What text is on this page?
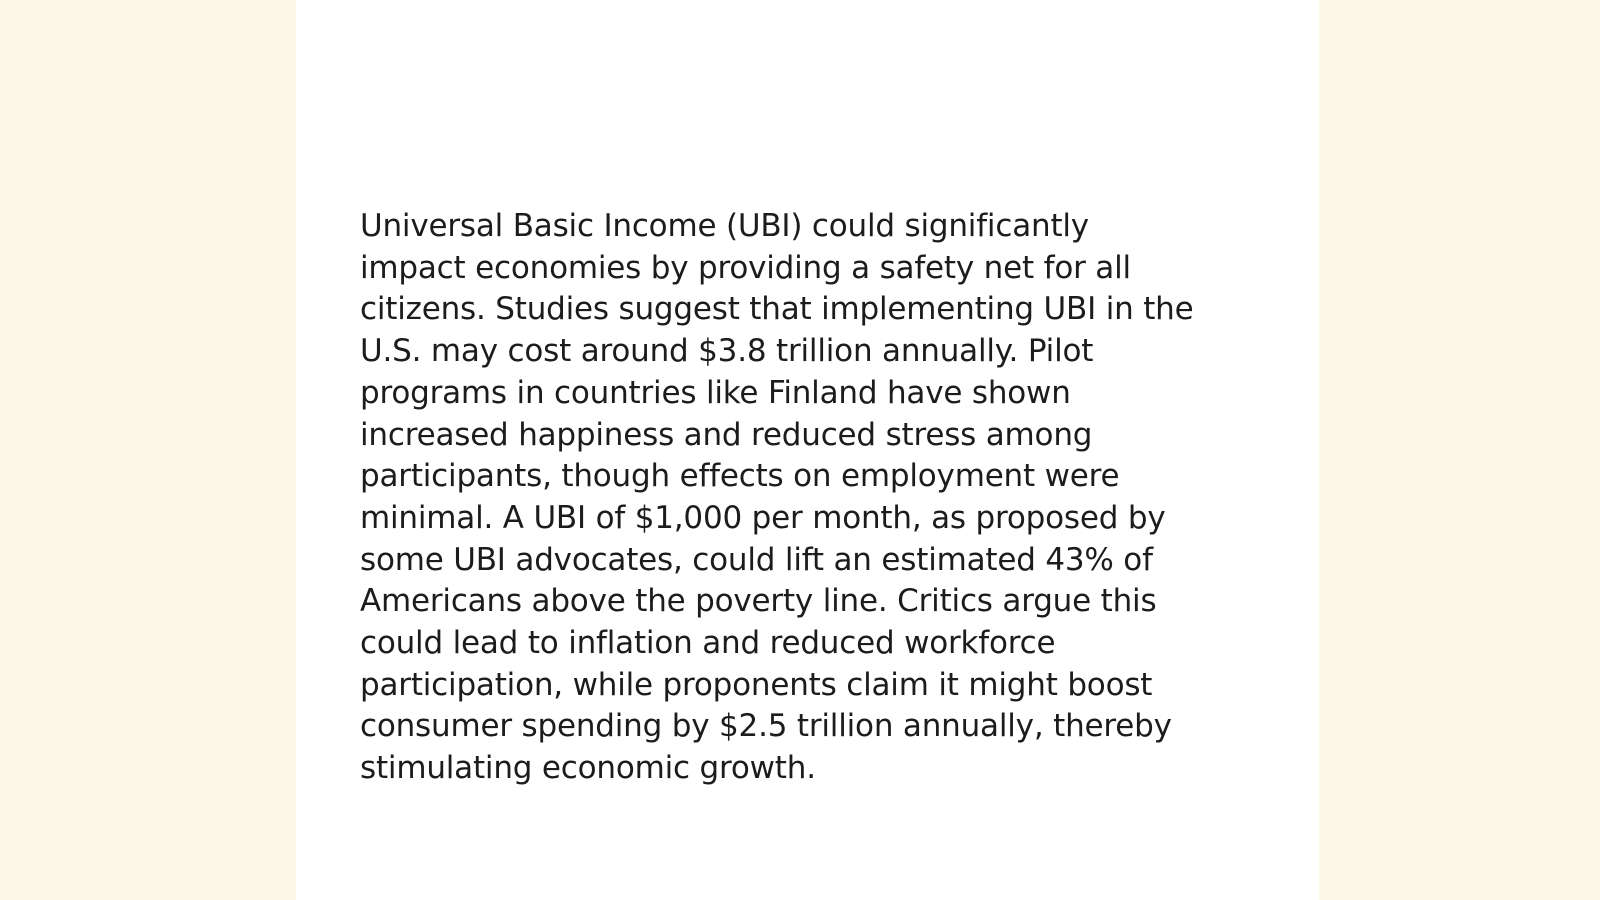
Universal Basic Income (UBI) could significantly
impact economies by providing a safety net for all
citizens. Studies suggest that implementing UBI in the
U.S. may cost around $3.8 trillion annually. Pilot
programs in countries like Finland have shown
increased happiness and reduced stress among
participants, though effects on employment were
minimal. A UBI of $1,000 per month, as proposed by
some UBI advocates, could lift an estimated 43% of
Americans above the poverty line. Critics argue this
could lead to inflation and reduced workforce
participation, while proponents claim it might boost
consumer spending by $2.5 trillion annually, thereby
stimulating economic growth.
